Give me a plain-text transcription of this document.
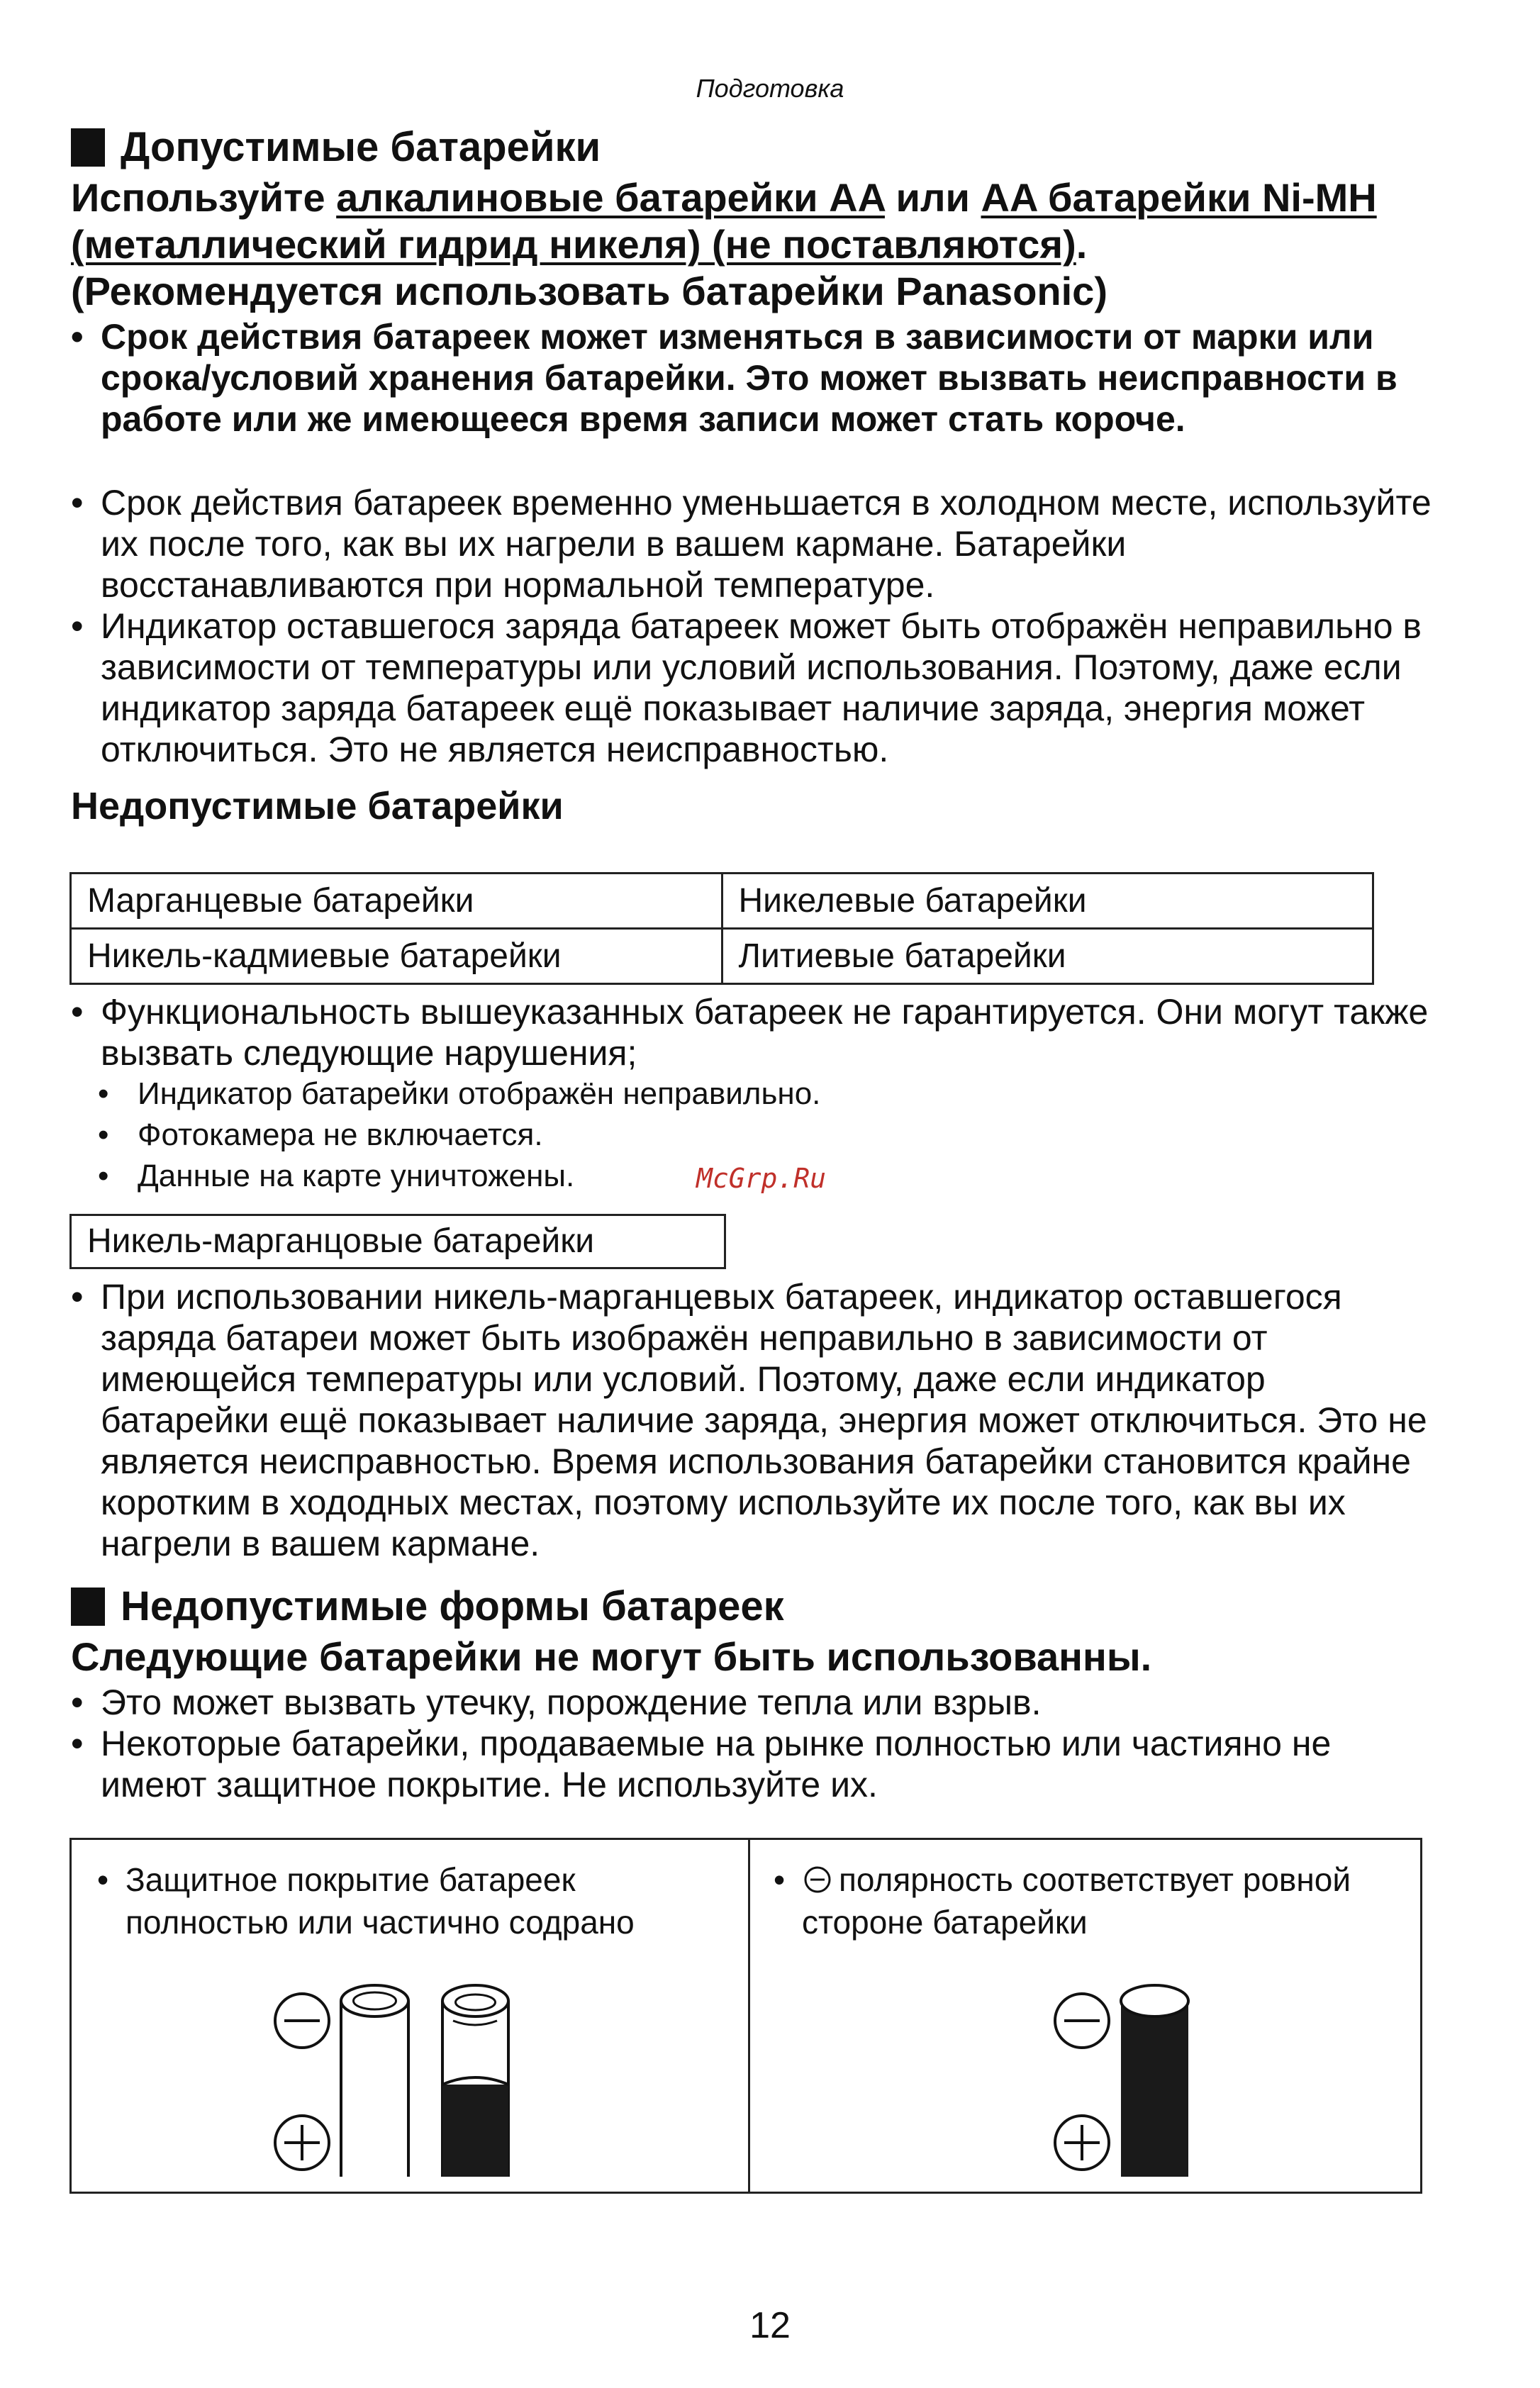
Подготовка
Допустимые батарейки
Используйте алкалиновые батарейки AA или AA батарейки Ni-MH (металлический гидрид никеля) (не поставляются).
(Рекомендуется использовать батарейки Panasonic)
• Срок действия батареек может изменяться в зависимости от марки или срока/условий хранения батарейки. Это может вызвать неисправности в работе или же имеющееся время записи может стать короче.
• Срок действия батареек временно уменьшается в холодном месте, используйте их после того, как вы их нагрели в вашем кармане. Батарейки восстанавливаются при нормальной температуре.
• Индикатор оставшегося заряда батареек может быть отображён неправильно в зависимости от температуры или условий использования. Поэтому, даже если индикатор заряда батареек ещё показывает наличие заряда, энергия может отключиться. Это не является неисправностью.
Недопустимые батарейки
Марганцевые батарейки	Никелевые батарейки
Никель-кадмиевые батарейки	Литиевые батарейки
• Функциональность вышеуказанных батареек не гарантируется. Они могут также вызвать следующие нарушения;
• Индикатор батарейки отображён неправильно.
• Фотокамера не включается.
• Данные на карте уничтожены.	McGrp.Ru
Никель-марганцовые батарейки
• При использовании никель-марганцевых батареек, индикатор оставшегося заряда батареи может быть изображён неправильно в зависимости от имеющейся температуры или условий. Поэтому, даже если индикатор батарейки ещё показывает наличие заряда, энергия может отключиться. Это не является неисправностью. Время использования батарейки становится крайне коротким в хододных местах, поэтому используйте их после того, как вы их нагрели в вашем кармане.
Недопустимые формы батареек
Следующие батарейки не могут быть использованны.
• Это может вызвать утечку, порождение тепла или взрыв.
• Некоторые батарейки, продаваемые на рынке полностью или частияно не имеют защитное покрытие. Не используйте их.
• Защитное покрытие батареек полностью или частично содрано
• полярность соответствует ровной стороне батарейки
12
